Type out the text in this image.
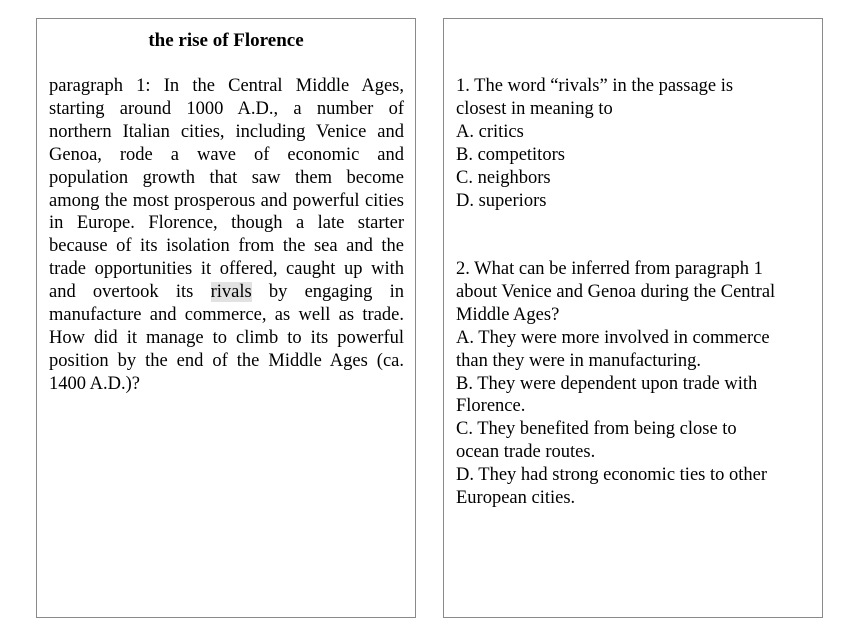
the rise of Florence

paragraph 1: In the Central Middle Ages, starting around 1000 A.D., a number of northern Italian cities, including Venice and Genoa, rode a wave of economic and population growth that saw them become among the most prosperous and powerful cities in Europe. Florence, though a late starter because of its isolation from the sea and the trade opportunities it offered, caught up with and overtook its rivals by engaging in manufacture and commerce, as well as trade. How did it manage to climb to its powerful position by the end of the Middle Ages (ca. 1400 A.D.)?

1. The word “rivals” in the passage is
closest in meaning to
A. critics
B. competitors
C. neighbors
D. superiors
2. What can be inferred from paragraph 1
about Venice and Genoa during the Central
Middle Ages?
A. They were more involved in commerce
than they were in manufacturing.
B. They were dependent upon trade with
Florence.
C. They benefited from being close to
ocean trade routes.
D. They had strong economic ties to other
European cities.
